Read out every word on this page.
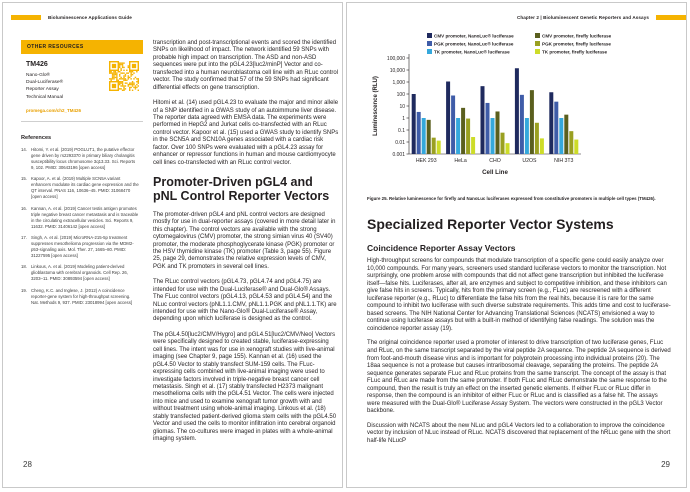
Bioluminescence Applications Guide
OTHER RESOURCES
TM426
Nano-Glo®
Dual-Luciferase®
Reporter Assay
Technical Manual
promega.com/ch2_TM426
References
14. Hitomi, Y. et al. (2019) POGLUT1, the putative effector gene driven by rs2293370 in primary biliary cholangitis susceptibility locus chromosome 3q13.33. Sci. Reports 9, 102. PMID: 30643196 [open access]
15. Kapoor, A. et al. (2019) Multiple SCN5A variant enhancers modulate its cardiac gene expression and the QT interval. PNAS 116, 10636–45. PMID: 31068470 [open access]
16. Kannan, A. et al. (2019) Cancer testis antigen promotes triple negative breast cancer metastasis and is traceable in the circulating extracellular vesicles. Sci. Reports 9, 11632. PMID: 31406142 [open access]
17. Singh, A. et al. (2019) MicroRNA-215-5p treatment suppresses mesothelioma progression via the MDM2-p53-signaling axis. Mol. Ther. 27, 1665–80. PMID: 31227595 [open access]
18. Linkous, A. et al. (2019) Modeling patient-derived glioblastoma with cerebral organoids. Cell Rep. 26, 3203–11. PMID: 30893594 [open access]
19. Cheng, K.C. and Inglese, J. (2012) A coincidence reporter-gene system for high-throughput screening. Nat. Methods 9, 937. PMID: 23018994 [open access]

transcription and post-transcriptional events and scored the identified SNPs on likelihood of impact. The network identified 59 SNPs with probable high impact on transcription. The ASD and non-ASD sequences were put into the pGL4.23[luc2/minP] Vector and co-transfected into a human neuroblastoma cell line with an RLuc control vector. The study confirmed that 57 of the 59 SNPs had significant differential effects on gene transcription.

Hitomi et al. (14) used pGL4.23 to evaluate the major and minor allele of a SNP identified in a GWAS study of an autoimmune liver disease. The reporter data agreed with EMSA data. The experiments were performed in HepG2 and Jurkat cells co-transfected with an RLuc control vector. Kapoor et al. (15) used a GWAS study to identify SNPs in the SCN5A and SCN10A genes associated with a cardiac risk factor. Over 100 SNPs were evaluated with a pGL4.23 assay for enhancer or repressor functions in human and mouse cardiomyocyte cell lines co-transfected with an RLuc control vector.

Promoter-Driven pGL4 and pNL Control Reporter Vectors

The promoter-driven pGL4 and pNL control vectors are designed mostly for use in dual-reporter assays (covered in more detail later in this chapter). The control vectors are available with the strong cytomegalovirus (CMV) promoter, the strong simian virus 40 (SV40) promoter, the moderate phosphoglycerate kinase (PGK) promoter or the HSV thymidine kinase (TK) promoter (Table 3, page 55). Figure 25, page 29, demonstrates the relative expression levels of CMV, PGK and TK promoters in several cell lines.

The RLuc control vectors (pGL4.73, pGL4.74 and pGL4.75) are intended for use with the Dual-Luciferase® and Dual-Glo® Assays. The FLuc control vectors (pGL4.13, pGL4.53 and pGL4.54) and the NLuc control vectors (pNL1.1.CMV, pNL1.1.PGK and pNL1.1.TK) are intended for use with the Nano-Glo® Dual-Luciferase® Assay, depending upon which luciferase is designed as the control.

The pGL4.50[luc2/CMV/Hygro] and pGL4.51[luc2/CMV/Neo] Vectors were specifically designed to created stable, luciferase-expressing cell lines. The intent was for use in xenograft studies with live-animal imaging (see Chapter 9, page 155). Kannan et al. (16) used the pGL4.50 Vector to stably transfect SUM-159 cells. The FLuc-expressing cells combined with live-animal imaging were used to investigate factors involved in triple-negative breast cancer cell metastasis. Singh et al. (17) stably transfected H2373 malignant mesothelioma cells with the pGL4.51 Vector. The cells were injected into mice and used to examine xenograft tumor growth with and without treatment using whole-animal imaging. Linkous et al. (18) stably transfected patient-derived glioma stem cells with the pGL4.50 Vector and used the cells to monitor infiltration into cerebral organoid gliomas. The co-cultures were imaged in plates with a whole-animal imaging system.

28
Chapter 2 | Bioluminescent Genetic Reporters and Assays
CMV promoter, NanoLuc® luciferase
PGK promoter, NanoLuc® luciferase
TK promoter, NanoLuc® luciferase
CMV promoter, firefly luciferase
PGK promoter, firefly luciferase
TK promoter, firefly luciferase
100,000
10,000
1,000
100
10
1
0.1
0.01
0.001
Luminescence (RLU)
HEK 293	HeLa	CHO	U2OS	NIH 3T3
Cell Line
Figure 25. Relative luminescence for firefly and NanoLuc luciferases expressed from constitutive promoters in multiple cell types (TM426).
Specialized Reporter Vector Systems
Coincidence Reporter Assay Vectors

High-throughput screens for compounds that modulate transcription of a specific gene could easily analyze over 10,000 compounds. For many years, screeners used standard luciferase vectors to monitor the transcription. Not surprisingly, one problem arose with compounds that did not affect gene transcription but inhibited the luciferase itself—false hits. Luciferases, after all, are enzymes and subject to competitive inhibition, and these inhibitors can give false hits in screens. Typically, hits from the primary screen (e.g., FLuc) are rescreened with a different luciferase reporter (e.g., RLuc) to differentiate the false hits from the real hits, because it is rare for the same compound to inhibit two luciferase with such diverse substrate requirements. This adds time and cost to luciferase-based screens. The NIH National Center for Advancing Translational Sciences (NCATS) envisioned a way to continue using luciferase assays but with a built-in method of identifying false readings. The solution was the coincidence reporter assay (19).

The original coincidence reporter used a promoter of interest to drive transcription of two luciferase genes, FLuc and RLuc, on the same transcript separated by the viral peptide 2A sequence. The peptide 2A sequence is derived from foot-and-mouth disease virus and is important for polyprotein processing into individual proteins (20). The 18aa sequence is not a protease but causes intraribosomal cleavage, separating the proteins. The peptide 2A sequence generates separate FLuc and RLuc proteins from the same transcript. The concept of the assay is that FLuc and RLuc are made from the same promoter. If both FLuc and RLuc demonstrate the same response to the compound, then the result is truly an effect on the inserted genetic elements. If either FLuc or RLuc differ in response, then the compound is an inhibitor of either FLuc or RLuc and is classified as a false hit. The assays were measured with the Dual-Glo® Luciferase Assay System. The vectors were constructed in the pGL3 Vector backbone.

Discussion with NCATS about the new NLuc and pGL4 Vectors led to a collaboration to improve the coincidence vector by inclusion of NLuc instead of RLuc. NCATS discovered that replacement of the hRLuc gene with the short half-life NLucP

29
